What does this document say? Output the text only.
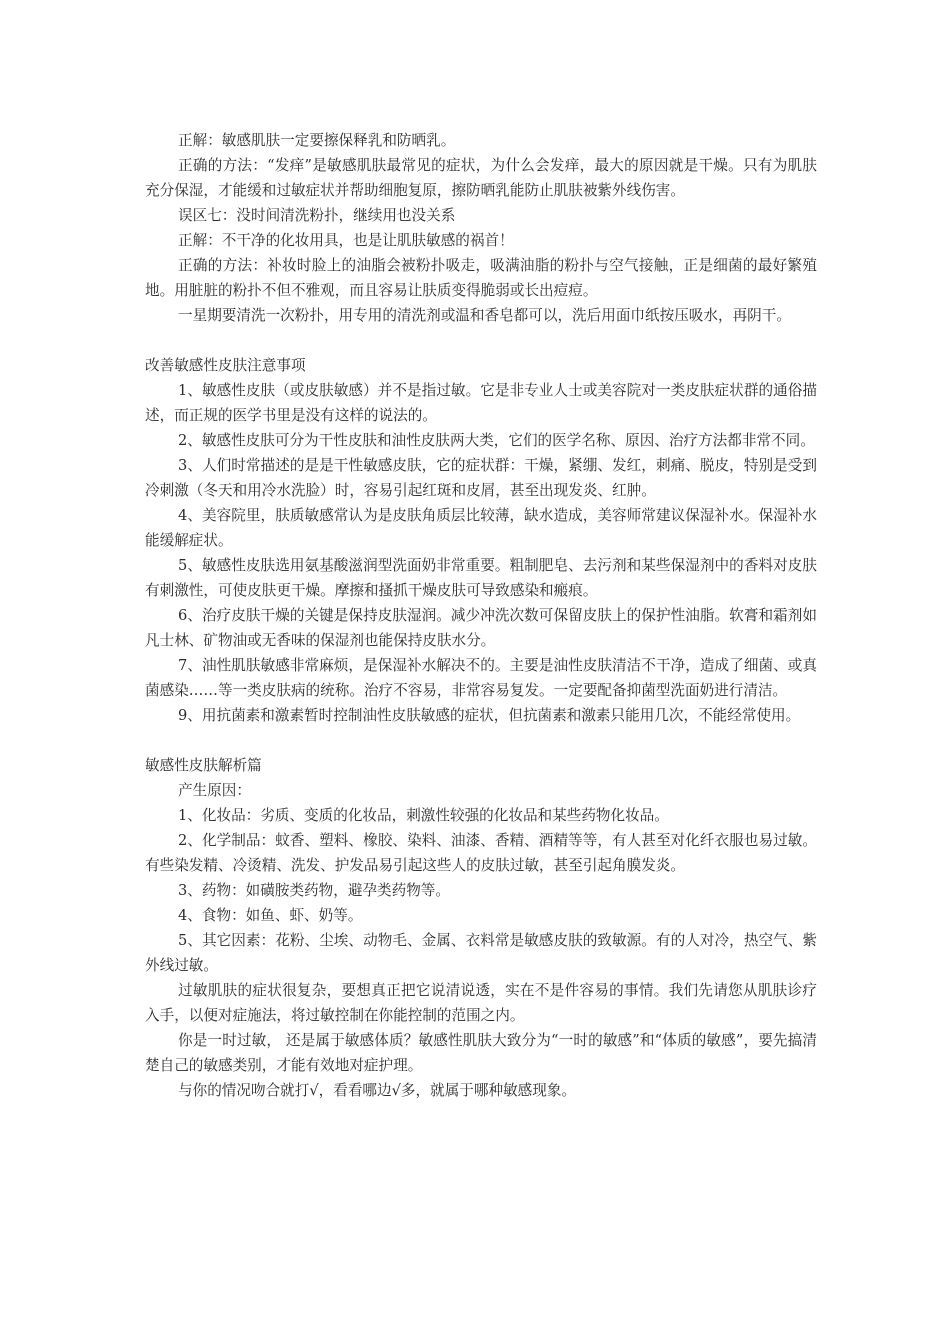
正解：敏感肌肤一定要擦保释乳和防晒乳。

正确的方法：“发痒”是敏感肌肤最常见的症状，为什么会发痒，最大的原因就是干燥。只有为肌肤充分保湿，才能缓和过敏症状并帮助细胞复原，擦防晒乳能防止肌肤被紫外线伤害。

误区七：没时间清洗粉扑，继续用也没关系

正解：不干净的化妆用具，也是让肌肤敏感的祸首！

正确的方法：补妆时脸上的油脂会被粉扑吸走，吸满油脂的粉扑与空气接触，正是细菌的最好繁殖地。用脏脏的粉扑不但不雅观，而且容易让肤质变得脆弱或长出痘痘。

一星期要清洗一次粉扑，用专用的清洗剂或温和香皂都可以，洗后用面巾纸按压吸水，再阴干。

改善敏感性皮肤注意事项

1、敏感性皮肤（或皮肤敏感）并不是指过敏。它是非专业人士或美容院对一类皮肤症状群的通俗描述，而正规的医学书里是没有这样的说法的。

2、敏感性皮肤可分为干性皮肤和油性皮肤两大类，它们的医学名称、原因、治疗方法都非常不同。

3、人们时常描述的是是干性敏感皮肤，它的症状群：干燥，紧绷、发红，刺痛、脱皮，特别是受到冷刺激（冬天和用冷水洗脸）时，容易引起红斑和皮屑，甚至出现发炎、红肿。

4、美容院里，肤质敏感常认为是皮肤角质层比较薄，缺水造成，美容师常建议保湿补水。保湿补水能缓解症状。

5、敏感性皮肤选用氨基酸滋润型洗面奶非常重要。粗制肥皂、去污剂和某些保湿剂中的香料对皮肤有刺激性，可使皮肤更干燥。摩擦和搔抓干燥皮肤可导致感染和瘢痕。

6、治疗皮肤干燥的关键是保持皮肤湿润。减少冲洗次数可保留皮肤上的保护性油脂。软膏和霜剂如凡士林、矿物油或无香味的保湿剂也能保持皮肤水分。

7、油性肌肤敏感非常麻烦，是保湿补水解决不的。主要是油性皮肤清洁不干净，造成了细菌、或真菌感染……等一类皮肤病的统称。治疗不容易，非常容易复发。一定要配备抑菌型洗面奶进行清洁。

9、用抗菌素和激素暂时控制油性皮肤敏感的症状，但抗菌素和激素只能用几次，不能经常使用。

敏感性皮肤解析篇

产生原因：

1、化妆品：劣质、变质的化妆品，刺激性较强的化妆品和某些药物化妆品。

2、化学制品：蚊香、塑料、橡胶、染料、油漆、香精、酒精等等，有人甚至对化纤衣服也易过敏。有些染发精、冷烫精、洗发、护发品易引起这些人的皮肤过敏，甚至引起角膜发炎。

3、药物：如磺胺类药物，避孕类药物等。

4、食物：如鱼、虾、奶等。

5、其它因素：花粉、尘埃、动物毛、金属、衣料常是敏感皮肤的致敏源。有的人对冷，热空气、紫外线过敏。

过敏肌肤的症状很复杂，要想真正把它说清说透，实在不是件容易的事情。我们先请您从肌肤诊疗入手，以便对症施法，将过敏控制在你能控制的范围之内。

你是一时过敏， 还是属于敏感体质？敏感性肌肤大致分为“一时的敏感”和“体质的敏感”，要先搞清楚自己的敏感类别，才能有效地对症护理。

与你的情况吻合就打√，看看哪边√多，就属于哪种敏感现象。
